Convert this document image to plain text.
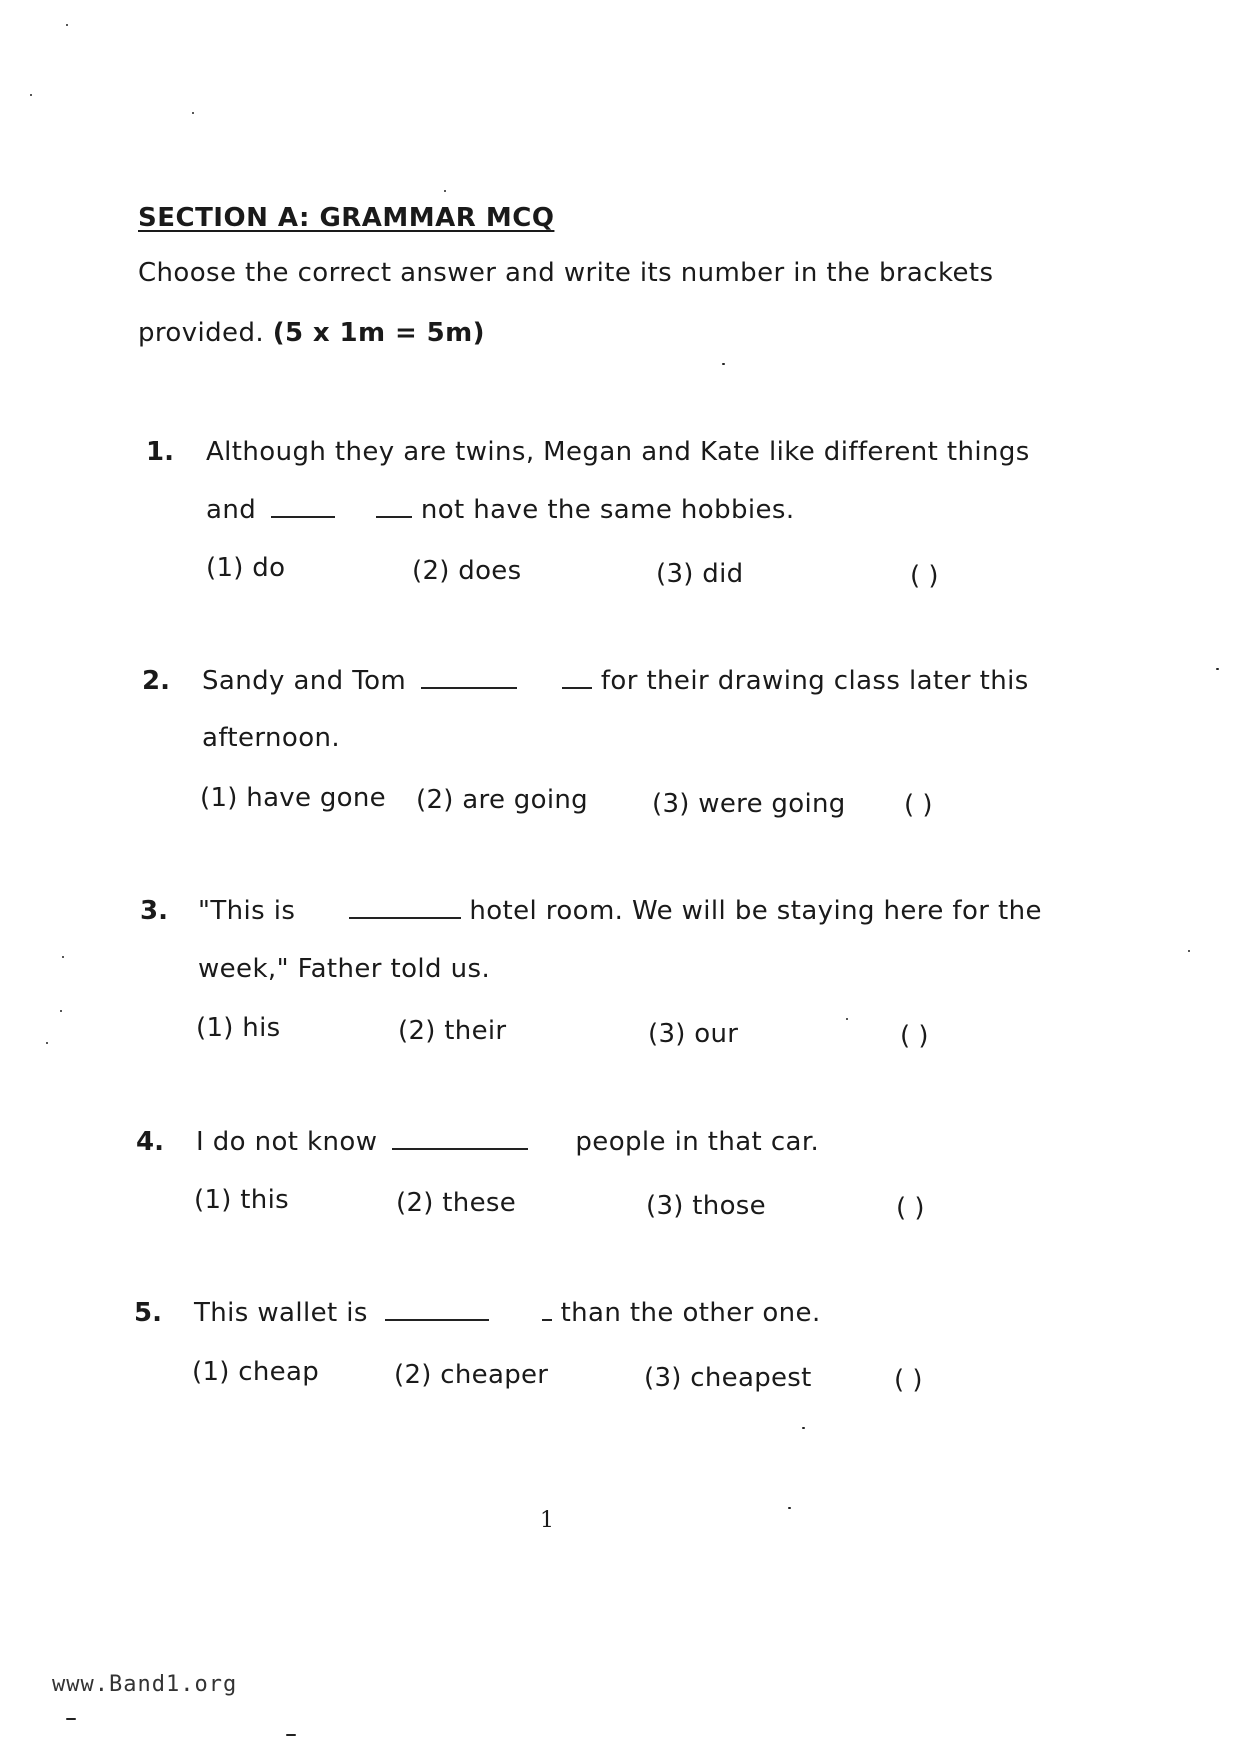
SECTION A: GRAMMAR MCQ
Choose the correct answer and write its number in the brackets
provided. (5 x 1m = 5m)
1. Although they are twins, Megan and Kate like different things
and	not have the same hobbies.
(1) do	(2) does	(3) did	( )
2. Sandy and Tom	for their drawing class later this
afternoon.
(1) have gone (2) are going (3) were going ( )
3. "This is	hotel room. We will be staying here for the
week," Father told us.
(1) his	(2) their	(3) our	( )
4. I do not know	people in that car.
(1) this	(2) these	(3) those	( )
5. This wallet is	than the other one.
(1) cheap	(2) cheaper	(3) cheapest	( )
1
www.Band1.org
